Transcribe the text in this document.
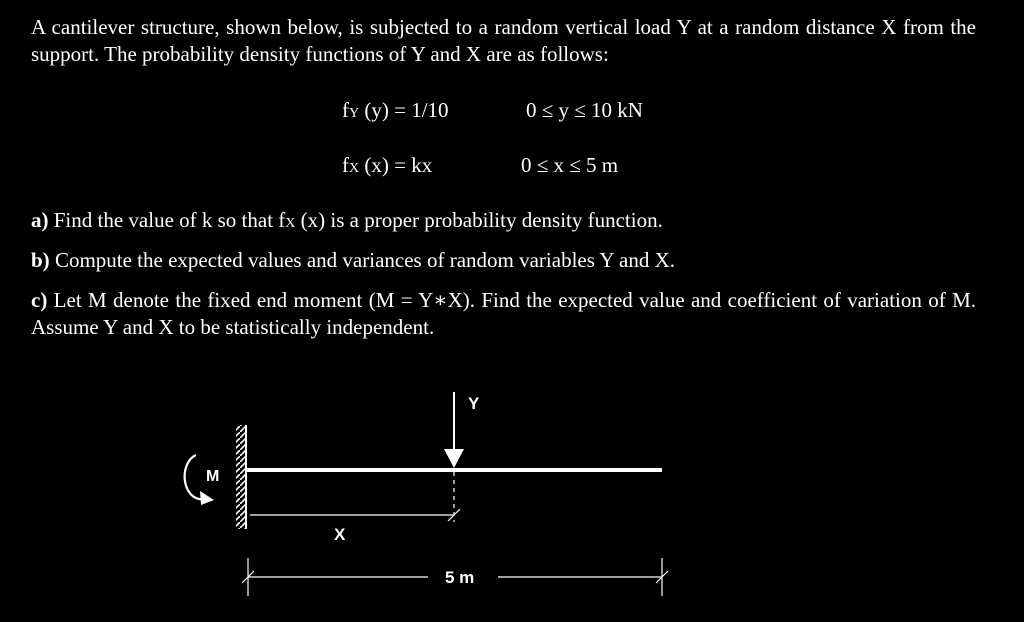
A cantilever structure, shown below, is subjected to a random vertical load Y at a random distance X from the support. The probability density functions of Y and X are as follows:

fY (y) = 1/10	0 ≤ y ≤ 10 kN
fX (x) = kx	0 ≤ x ≤ 5 m

a) Find the value of k so that fX (x) is a proper probability density function.

b) Compute the expected values and variances of random variables Y and X.

c) Let M denote the fixed end moment (M = Y∗X). Find the expected value and coefficient of variation of M. Assume Y and X to be statistically independent.

Y
X
5 m
M
